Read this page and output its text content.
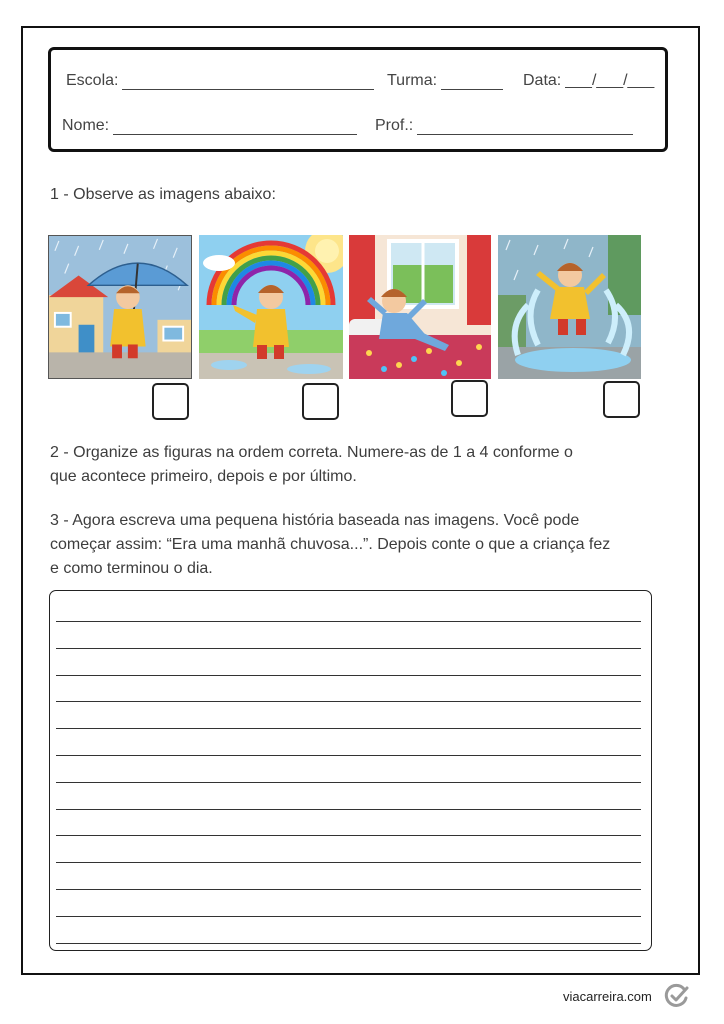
Escola:	Turma:	Data: ___/___/___
Nome:	Prof.:
1 - Observe as imagens abaixo:
2 - Organize as figuras na ordem correta. Numere-as de 1 a 4 conforme o
que acontece primeiro, depois e por último.
3 - Agora escreva uma pequena história baseada nas imagens. Você pode
começar assim: “Era uma manhã chuvosa...”. Depois conte o que a criança fez
e como terminou o dia.
viacarreira.com
